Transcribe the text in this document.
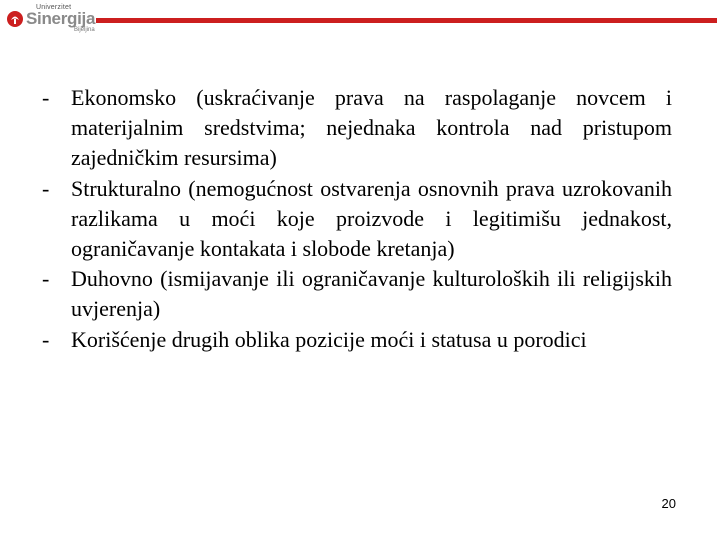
Univerzitet
Sinergija
Bijeljina
- Ekonomsko (uskraćivanje prava na raspolaganje novcem i materijalnim sredstvima; nejednaka kontrola nad pristupom zajedničkim resursima)
- Strukturalno (nemogućnost ostvarenja osnovnih prava uzrokovanih razlikama u moći koje proizvode i legitimišu jednakost, ograničavanje kontakata i slobode kretanja)
- Duhovno (ismijavanje ili ograničavanje kulturoloških ili religijskih uvjerenja)
- Korišćenje drugih oblika pozicije moći i statusa u porodici
20
